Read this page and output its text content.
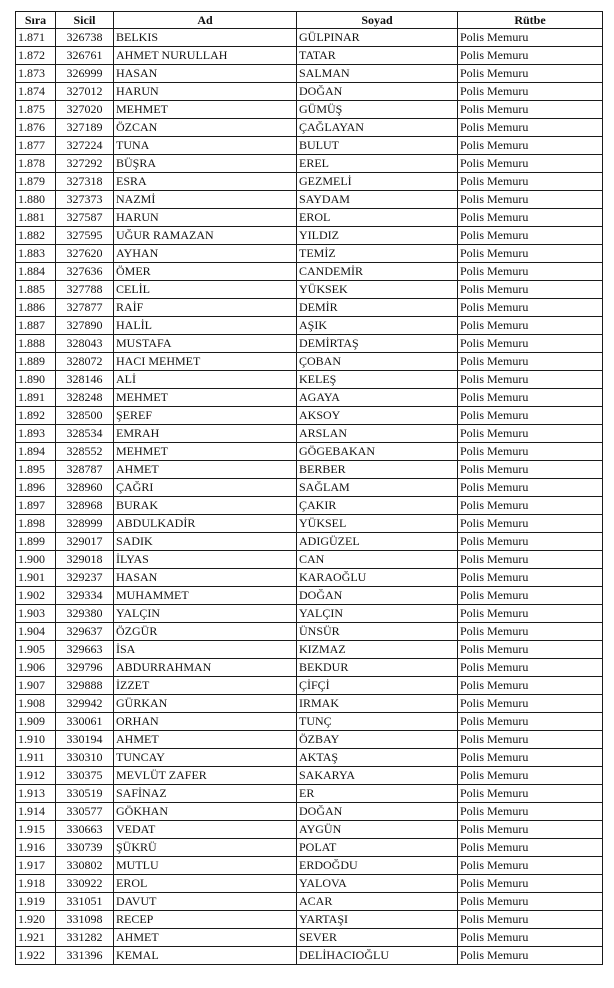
Sıra	Sicil	Ad	Soyad	Rütbe
1.871	326738	BELKIS	GÜLPINAR	Polis Memuru
1.872	326761	AHMET NURULLAH	TATAR	Polis Memuru
1.873	326999	HASAN	SALMAN	Polis Memuru
1.874	327012	HARUN	DOĞAN	Polis Memuru
1.875	327020	MEHMET	GÜMÜŞ	Polis Memuru
1.876	327189	ÖZCAN	ÇAĞLAYAN	Polis Memuru
1.877	327224	TUNA	BULUT	Polis Memuru
1.878	327292	BÜŞRA	EREL	Polis Memuru
1.879	327318	ESRA	GEZMELİ	Polis Memuru
1.880	327373	NAZMİ	SAYDAM	Polis Memuru
1.881	327587	HARUN	EROL	Polis Memuru
1.882	327595	UĞUR RAMAZAN	YILDIZ	Polis Memuru
1.883	327620	AYHAN	TEMİZ	Polis Memuru
1.884	327636	ÖMER	CANDEMİR	Polis Memuru
1.885	327788	CELİL	YÜKSEK	Polis Memuru
1.886	327877	RAİF	DEMİR	Polis Memuru
1.887	327890	HALİL	AŞIK	Polis Memuru
1.888	328043	MUSTAFA	DEMİRTAŞ	Polis Memuru
1.889	328072	HACI MEHMET	ÇOBAN	Polis Memuru
1.890	328146	ALİ	KELEŞ	Polis Memuru
1.891	328248	MEHMET	AGAYA	Polis Memuru
1.892	328500	ŞEREF	AKSOY	Polis Memuru
1.893	328534	EMRAH	ARSLAN	Polis Memuru
1.894	328552	MEHMET	GÖGEBAKAN	Polis Memuru
1.895	328787	AHMET	BERBER	Polis Memuru
1.896	328960	ÇAĞRI	SAĞLAM	Polis Memuru
1.897	328968	BURAK	ÇAKIR	Polis Memuru
1.898	328999	ABDULKADİR	YÜKSEL	Polis Memuru
1.899	329017	SADIK	ADIGÜZEL	Polis Memuru
1.900	329018	İLYAS	CAN	Polis Memuru
1.901	329237	HASAN	KARAOĞLU	Polis Memuru
1.902	329334	MUHAMMET	DOĞAN	Polis Memuru
1.903	329380	YALÇIN	YALÇIN	Polis Memuru
1.904	329637	ÖZGÜR	ÜNSÜR	Polis Memuru
1.905	329663	İSA	KIZMAZ	Polis Memuru
1.906	329796	ABDURRAHMAN	BEKDUR	Polis Memuru
1.907	329888	İZZET	ÇİFÇİ	Polis Memuru
1.908	329942	GÜRKAN	IRMAK	Polis Memuru
1.909	330061	ORHAN	TUNÇ	Polis Memuru
1.910	330194	AHMET	ÖZBAY	Polis Memuru
1.911	330310	TUNCAY	AKTAŞ	Polis Memuru
1.912	330375	MEVLÜT ZAFER	SAKARYA	Polis Memuru
1.913	330519	SAFİNAZ	ER	Polis Memuru
1.914	330577	GÖKHAN	DOĞAN	Polis Memuru
1.915	330663	VEDAT	AYGÜN	Polis Memuru
1.916	330739	ŞÜKRÜ	POLAT	Polis Memuru
1.917	330802	MUTLU	ERDOĞDU	Polis Memuru
1.918	330922	EROL	YALOVA	Polis Memuru
1.919	331051	DAVUT	ACAR	Polis Memuru
1.920	331098	RECEP	YARTAŞI	Polis Memuru
1.921	331282	AHMET	SEVER	Polis Memuru
1.922	331396	KEMAL	DELİHACIOĞLU	Polis Memuru
